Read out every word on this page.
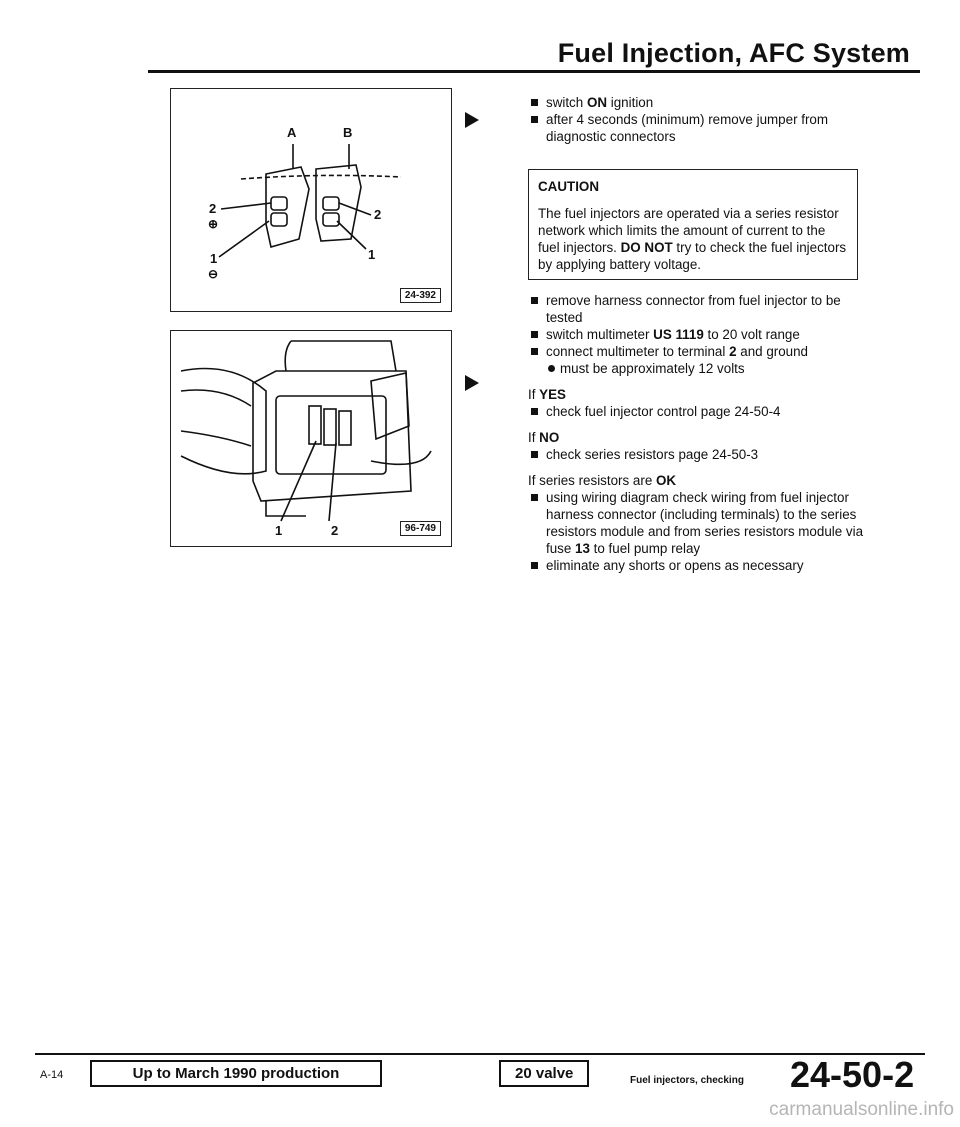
Fuel Injection, AFC System
A	B
2
⊕
2
1
⊖
1
24-392
1	2	96-749
switch ON ignition
after 4 seconds (minimum) remove jumper from diagnostic connectors
CAUTION
The fuel injectors are operated via a series resistor network which limits the amount of current to the fuel injectors. DO NOT try to check the fuel injectors by applying battery voltage.
remove harness connector from fuel injector to be tested
switch multimeter US 1119 to 20 volt range
connect multimeter to terminal 2 and ground
must be approximately 12 volts
If YES
check fuel injector control page 24-50-4
If NO
check series resistors page 24-50-3
If series resistors are OK
using wiring diagram check wiring from fuel injector harness connector (including terminals) to the series resistors module and from series resistors module via fuse 13 to fuel pump relay
eliminate any shorts or opens as necessary
A-14	Up to March 1990 production	20 valve	Fuel injectors, checking 24-50-2
carmanualsonline.info
